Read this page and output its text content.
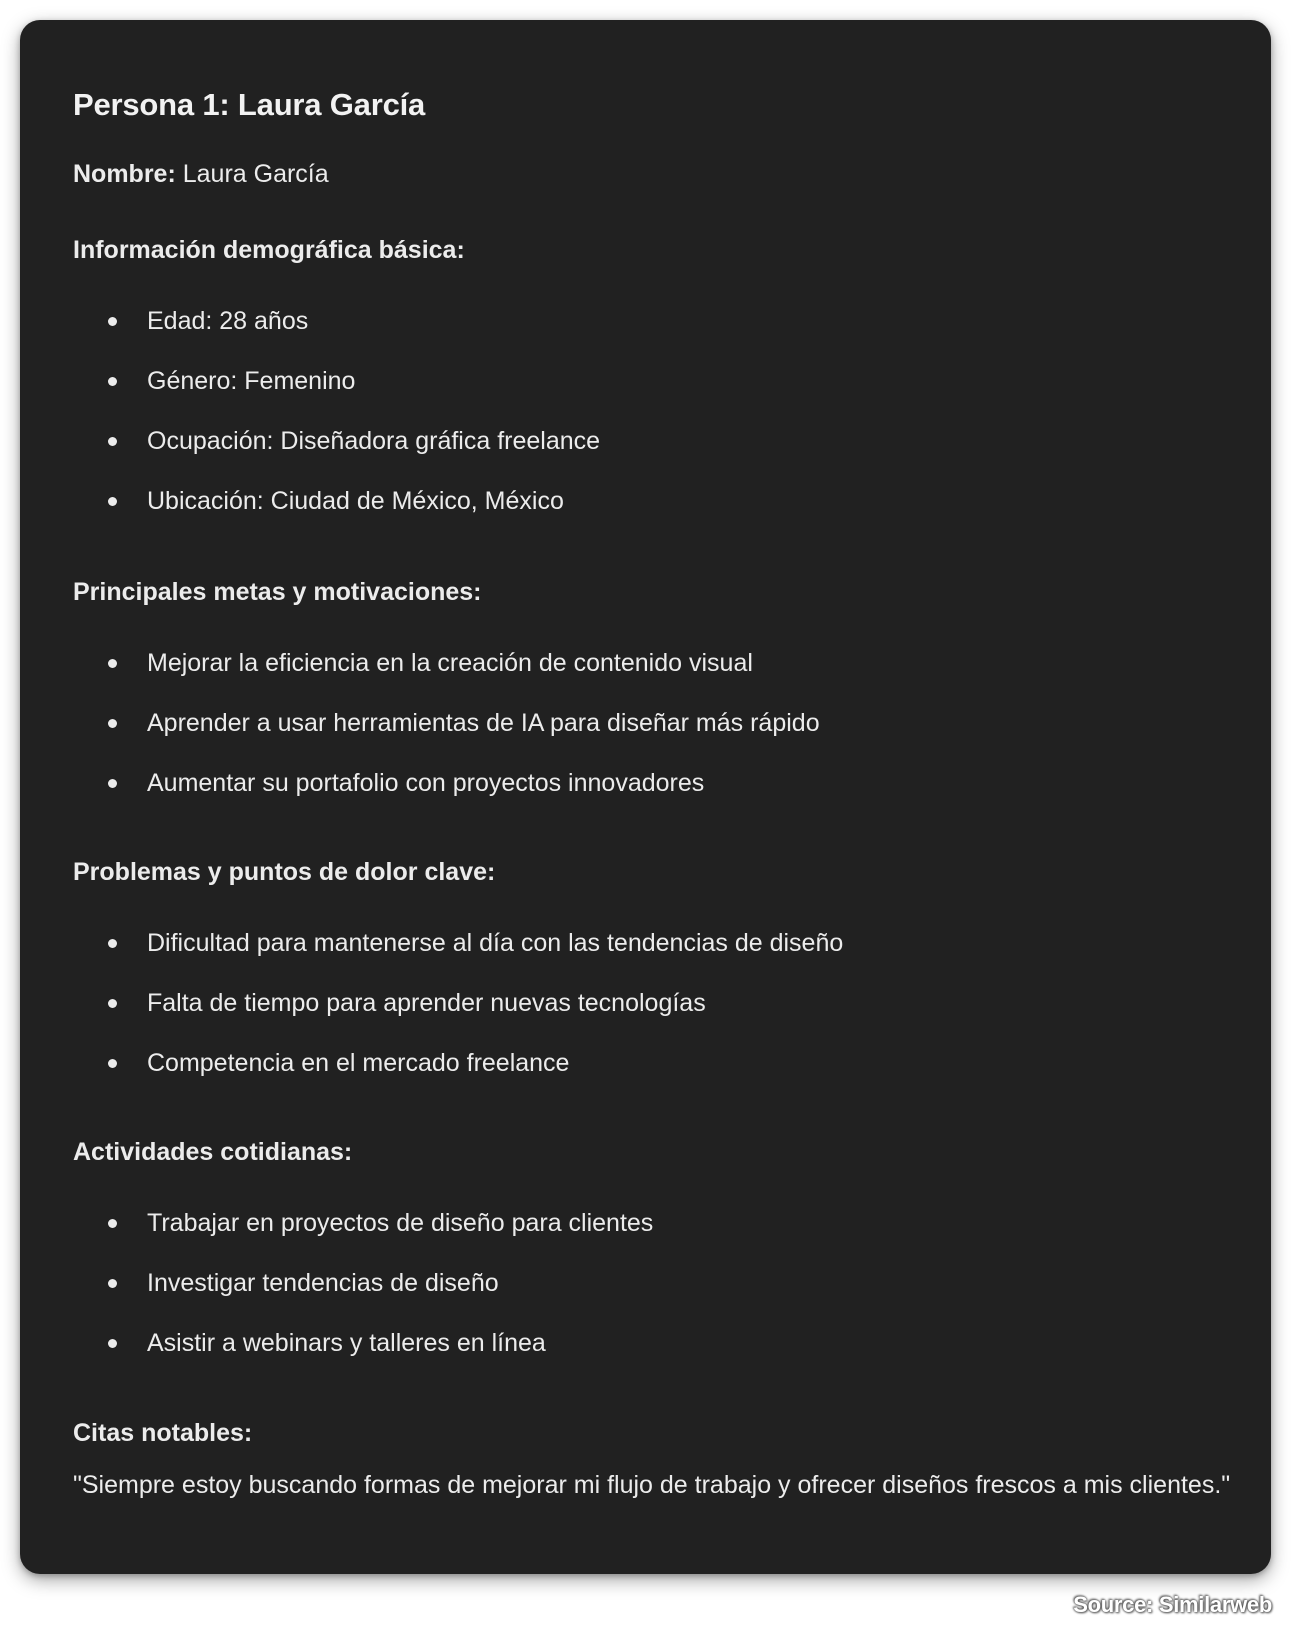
Persona 1: Laura García

Nombre: Laura García

Información demográfica básica:

Edad: 28 años
Género: Femenino
Ocupación: Diseñadora gráfica freelance
Ubicación: Ciudad de México, México

Principales metas y motivaciones:

Mejorar la eficiencia en la creación de contenido visual
Aprender a usar herramientas de IA para diseñar más rápido
Aumentar su portafolio con proyectos innovadores

Problemas y puntos de dolor clave:

Dificultad para mantenerse al día con las tendencias de diseño
Falta de tiempo para aprender nuevas tecnologías
Competencia en el mercado freelance

Actividades cotidianas:

Trabajar en proyectos de diseño para clientes
Investigar tendencias de diseño
Asistir a webinars y talleres en línea

Citas notables:

"Siempre estoy buscando formas de mejorar mi flujo de trabajo y ofrecer diseños frescos a mis clientes."

Source: Similarweb
